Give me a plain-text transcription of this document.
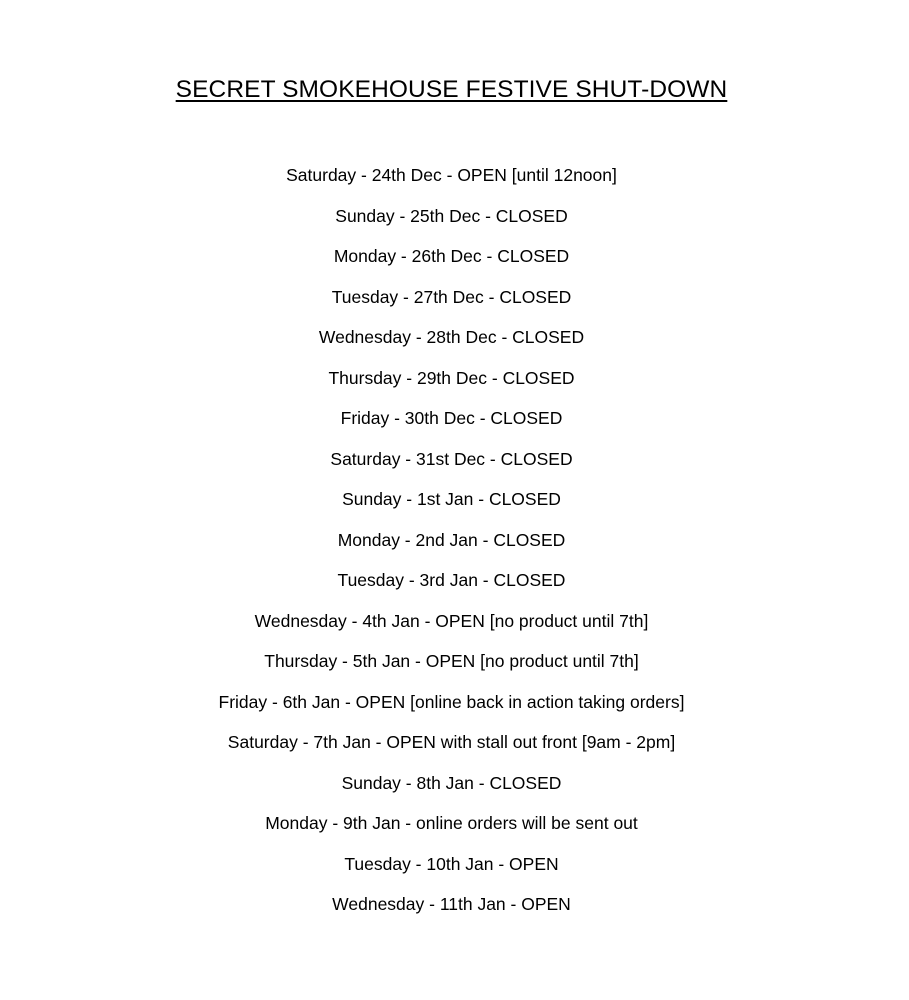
SECRET SMOKEHOUSE FESTIVE SHUT-DOWN
Saturday - 24th Dec - OPEN [until 12noon]
Sunday - 25th Dec - CLOSED
Monday - 26th Dec - CLOSED
Tuesday - 27th Dec - CLOSED
Wednesday - 28th Dec - CLOSED
Thursday - 29th Dec - CLOSED
Friday - 30th Dec - CLOSED
Saturday - 31st Dec - CLOSED
Sunday - 1st Jan - CLOSED
Monday - 2nd Jan - CLOSED
Tuesday - 3rd Jan - CLOSED
Wednesday - 4th Jan - OPEN [no product until 7th]
Thursday - 5th Jan - OPEN [no product until 7th]
Friday - 6th Jan - OPEN [online back in action taking orders]
Saturday - 7th Jan - OPEN with stall out front [9am - 2pm]
Sunday - 8th Jan - CLOSED
Monday - 9th Jan - online orders will be sent out
Tuesday - 10th Jan - OPEN
Wednesday - 11th Jan - OPEN
